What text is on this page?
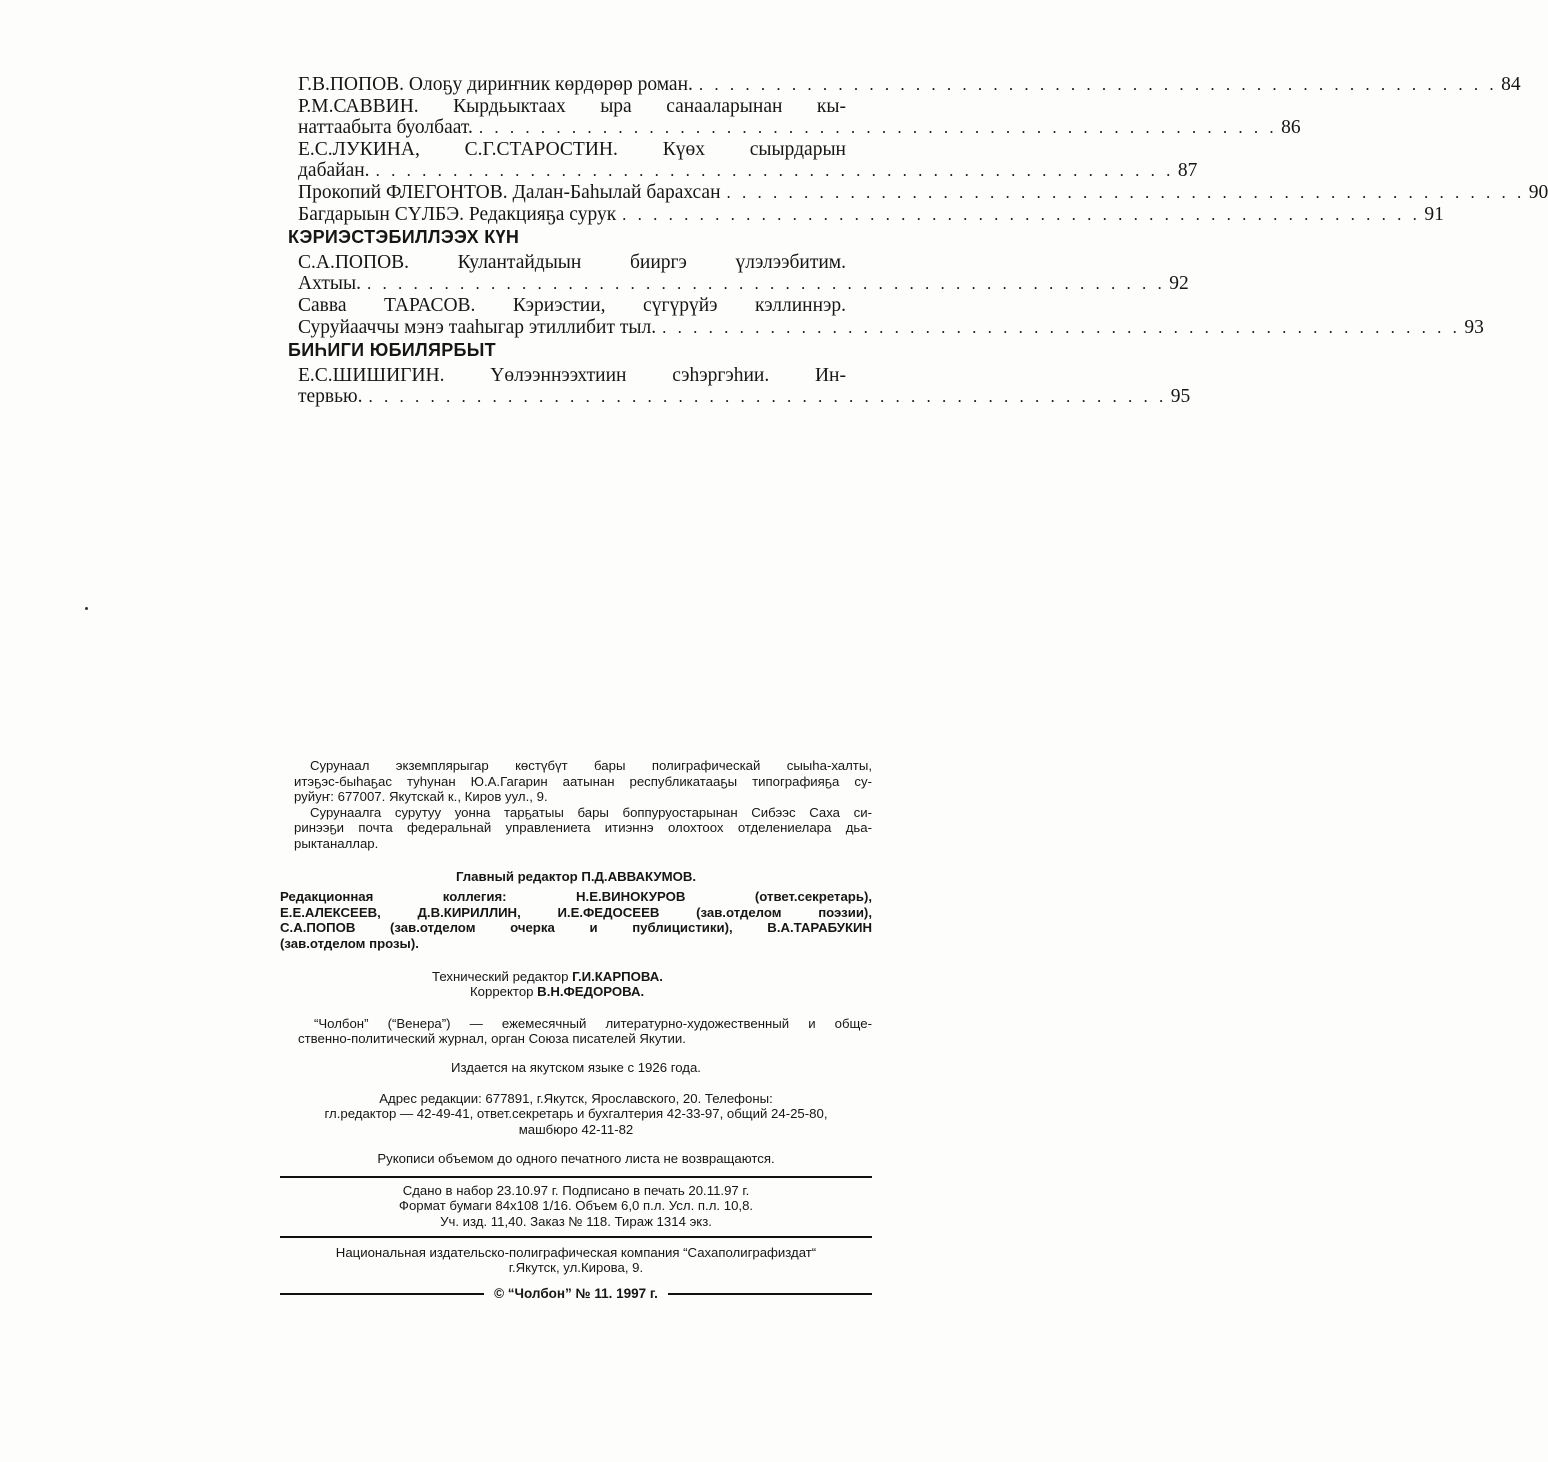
Г.В.ПОПОВ. Олоҕу дириҥник көрдөрөр роман. . . . . . . . . . . . . . . . . . . . . . . . . . . . . . . . . . . . . . . . . . . . . . . . . . . . . 84
Р.М.САВВИН. Кырдьыктаах ыра санааларынан кы-
наттаабыта буолбаат. . . . . . . . . . . . . . . . . . . . . . . . . . . . . . . . . . . . . . . . . . . . . . . . . . . . . 86
Е.С.ЛУКИНА, С.Г.СТАРОСТИН. Күөх сыырдарын
дабайан. . . . . . . . . . . . . . . . . . . . . . . . . . . . . . . . . . . . . . . . . . . . . . . . . . . . . 87
Прокопий ФЛЕГОНТОВ. Далан-Баһылай барахсан . . . . . . . . . . . . . . . . . . . . . . . . . . . . . . . . . . . . . . . . . . . . . . . . . . . . 90
Багдарыын СҮЛБЭ. Редакцияҕа сурук . . . . . . . . . . . . . . . . . . . . . . . . . . . . . . . . . . . . . . . . . . . . . . . . . . . . 91
КЭРИЭСТЭБИЛЛЭЭХ КҮН
С.А.ПОПОВ. Кулантайдыын бииргэ үлэлээбитим.
Ахтыы. . . . . . . . . . . . . . . . . . . . . . . . . . . . . . . . . . . . . . . . . . . . . . . . . . . . . 92
Савва ТАРАСОВ. Кэриэстии, сүгүрүйэ кэллиннэр.
Суруйааччы мэнэ тааһыгар этиллибит тыл. . . . . . . . . . . . . . . . . . . . . . . . . . . . . . . . . . . . . . . . . . . . . . . . . . . . . 93
БИҺИГИ ЮБИЛЯРБЫТ
Е.С.ШИШИГИН. Үөлээннээхтиин сэһэргэһии. Ин-
тервью. . . . . . . . . . . . . . . . . . . . . . . . . . . . . . . . . . . . . . . . . . . . . . . . . . . . . 95

Сурунаал экземплярыгар көстүбүт бары полиграфическай сыыһа-халты,

итэҕэс-быһаҕас туһунан Ю.А.Гагарин аатынан республикатааҕы типографияҕа су-

руйуҥ: 677007. Якутскай к., Киров уул., 9.

Сурунаалга сурутуу уонна тарҕатыы бары боппуруостарынан Сибээс Саха си-

ринээҕи почта федеральнай управлениета итиэннэ олохтоох отделениелара дьа-

рыктаналлар.

Главный редактор П.Д.АВВАКУМОВ.

Редакционная коллегия: Н.Е.ВИНОКУРОВ (ответ.секретарь),

Е.Е.АЛЕКСЕЕВ, Д.В.КИРИЛЛИН, И.Е.ФЕДОСЕЕВ (зав.отделом поэзии),

С.А.ПОПОВ (зав.отделом очерка и публицистики), В.А.ТАРАБУКИН

(зав.отделом прозы).

Технический редактор Г.И.КАРПОВА.

Корректор В.Н.ФЕДОРОВА.

“Чолбон” (“Венера”) — ежемесячный литературно-художественный и обще-

ственно-политический журнал, орган Союза писателей Якутии.

Издается на якутском языке с 1926 года.

Адрес редакции: 677891, г.Якутск, Ярославского, 20. Телефоны:

гл.редактор — 42-49-41, ответ.секретарь и бухгалтерия 42-33-97, общий 24-25-80,

машбюро 42-11-82

Рукописи объемом до одного печатного листа не возвращаются.

Сдано в набор 23.10.97 г. Подписано в печать 20.11.97 г.

Формат бумаги 84х108 1/16. Объем 6,0 п.л. Усл. п.л. 10,8.

Уч. изд. 11,40. Заказ № 118. Тираж 1314 экз.

Национальная издательско-полиграфическая компания “Сахаполиграфиздат“

г.Якутск, ул.Кирова, 9.

© “Чолбон” № 11. 1997 г.
